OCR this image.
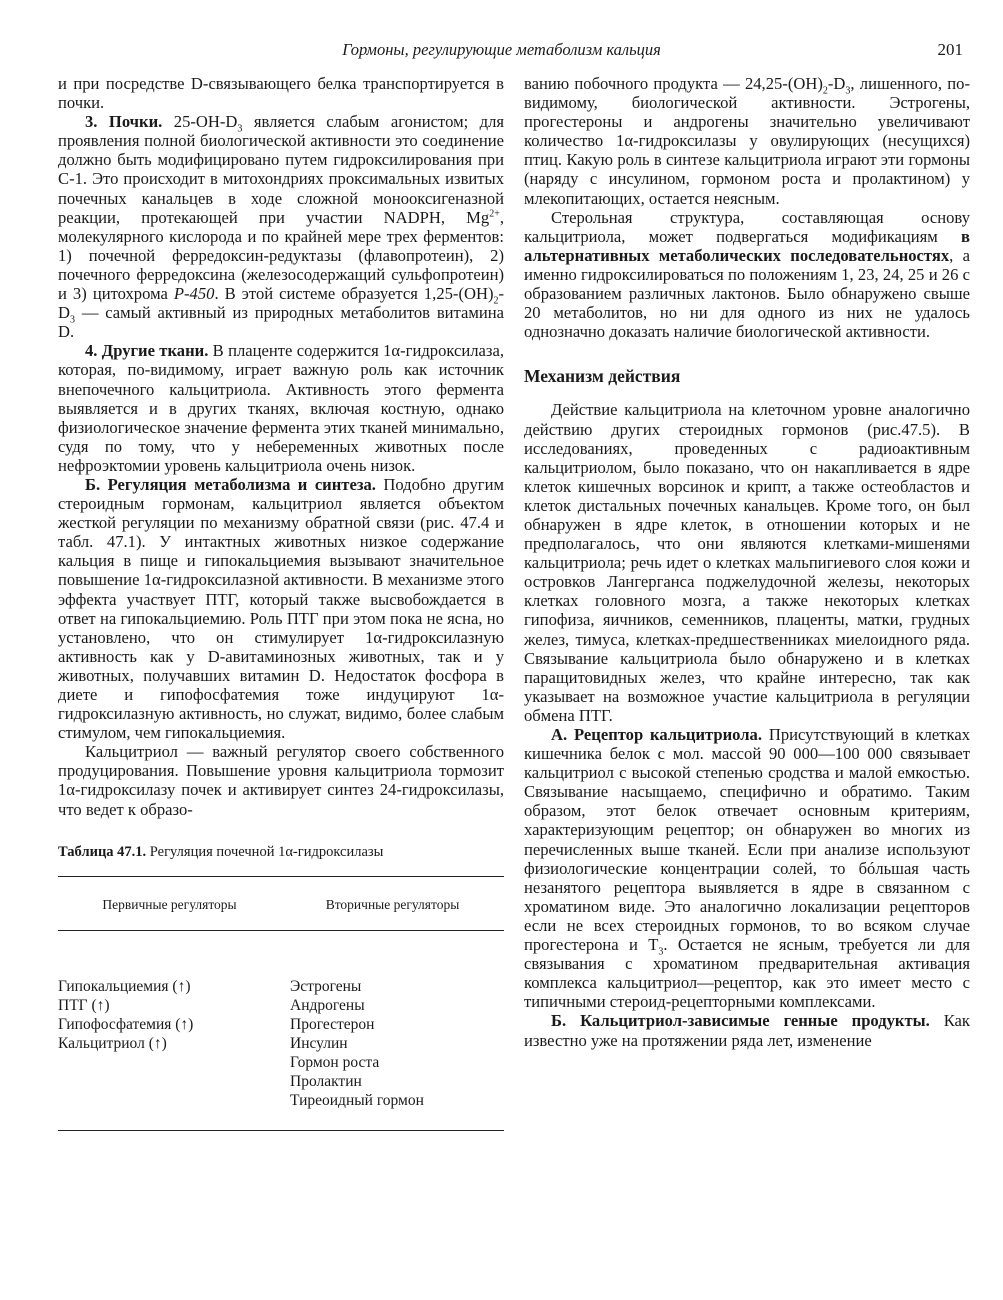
Гормоны, регулирующие метаболизм кальция	201

и при посредстве D-связывающего белка транспортируется в почки.

3. Почки. $25-OH-D_3$ является слабым агонистом; для проявления полной биологической активности это соединение должно быть модифицировано путем гидроксилирования при C-1. Это происходит в митохондриях проксимальных извитых почечных канальцев в ходе сложной монооксигеназной реакции, протекающей при участии NADPH, $Mg^{2+}$, молекулярного кислорода и по крайней мере трех ферментов: 1) почечной ферредоксин-редуктазы (флавопротеин), 2) почечного ферредоксина (железосодержащий сульфопротеин) и 3) цитохрома P-450. В этой системе образуется $1,25-(OH)_2-D_3$ — самый активный из природных метаболитов витамина D.

4. Другие ткани. В плаценте содержится 1α-гидроксилаза, которая, по-видимому, играет важную роль как источник внепочечного кальцитриола. Активность этого фермента выявляется и в других тканях, включая костную, однако физиологическое значение фермента этих тканей минимально, судя по тому, что у небеременных животных после нефроэктомии уровень кальцитриола очень низок.

Б. Регуляция метаболизма и синтеза. Подобно другим стероидным гормонам, кальцитриол является объектом жесткой регуляции по механизму обратной связи (рис. 47.4 и табл. 47.1). У интактных животных низкое содержание кальция в пище и гипокальциемия вызывают значительное повышение 1α-гидроксилазной активности. В механизме этого эффекта участвует ПТГ, который также высвобождается в ответ на гипокальциемию. Роль ПТГ при этом пока не ясна, но установлено, что он стимулирует 1α-гидроксилазную активность как у D-авитаминозных животных, так и у животных, получавших витамин D. Недостаток фосфора в диете и гипофосфатемия тоже индуцируют 1α-гидроксилазную активность, но служат, видимо, более слабым стимулом, чем гипокальциемия.

Кальцитриол — важный регулятор своего собственного продуцирования. Повышение уровня кальцитриола тормозит 1α-гидроксилазу почек и активирует синтез 24-гидроксилазы, что ведет к образо-

Таблица 47.1. Регуляция почечной 1α-гидроксилазы
Первичные регуляторы	Вторичные регуляторы
Гипокальциемия (↑)
ПТГ (↑)
Гипофосфатемия (↑)
Кальцитриол (↑)
Эстрогены
Андрогены
Прогестерон
Инсулин
Гормон роста
Пролактин
Тиреоидный гормон

ванию побочного продукта — $24,25-(OH)_2-D_3$, лишенного, по-видимому, биологической активности. Эстрогены, прогестероны и андрогены значительно увеличивают количество 1α-гидроксилазы у овулирующих (несущихся) птиц. Какую роль в синтезе кальцитриола играют эти гормоны (наряду с инсулином, гормоном роста и пролактином) у млекопитающих, остается неясным.

Стерольная структура, составляющая основу кальцитриола, может подвергаться модификациям в альтернативных метаболических последовательностях, а именно гидроксилироваться по положениям 1, 23, 24, 25 и 26 с образованием различных лактонов. Было обнаружено свыше 20 метаболитов, но ни для одного из них не удалось однозначно доказать наличие биологической активности.

Механизм действия

Действие кальцитриола на клеточном уровне аналогично действию других стероидных гормонов (рис.47.5). В исследованиях, проведенных с радиоактивным кальцитриолом, было показано, что он накапливается в ядре клеток кишечных ворсинок и крипт, а также остеобластов и клеток дистальных почечных канальцев. Кроме того, он был обнаружен в ядре клеток, в отношении которых и не предполагалось, что они являются клетками-мишенями кальцитриола; речь идет о клетках мальпигиевого слоя кожи и островков Лангерганса поджелудочной железы, некоторых клетках головного мозга, а также некоторых клетках гипофиза, яичников, семенников, плаценты, матки, грудных желез, тимуса, клетках-предшественниках миелоидного ряда. Связывание кальцитриола было обнаружено и в клетках паращитовидных желез, что крайне интересно, так как указывает на возможное участие кальцитриола в регуляции обмена ПТГ.

А. Рецептор кальцитриола. Присутствующий в клетках кишечника белок с мол. массой 90 000—100 000 связывает кальцитриол с высокой степенью сродства и малой емкостью. Связывание насыщаемо, специфично и обратимо. Таким образом, этот белок отвечает основным критериям, характеризующим рецептор; он обнаружен во многих из перечисленных выше тканей. Если при анализе используют физиологические концентрации солей, то бóльшая часть незанятого рецептора выявляется в ядре в связанном с хроматином виде. Это аналогично локализации рецепторов если не всех стероидных гормонов, то во всяком случае прогестерона и $T_3$. Остается не ясным, требуется ли для связывания с хроматином предварительная активация комплекса кальцитриол—рецептор, как это имеет место с типичными стероид-рецепторными комплексами.

Б. Кальцитриол-зависимые генные продукты. Как известно уже на протяжении ряда лет, изменение
